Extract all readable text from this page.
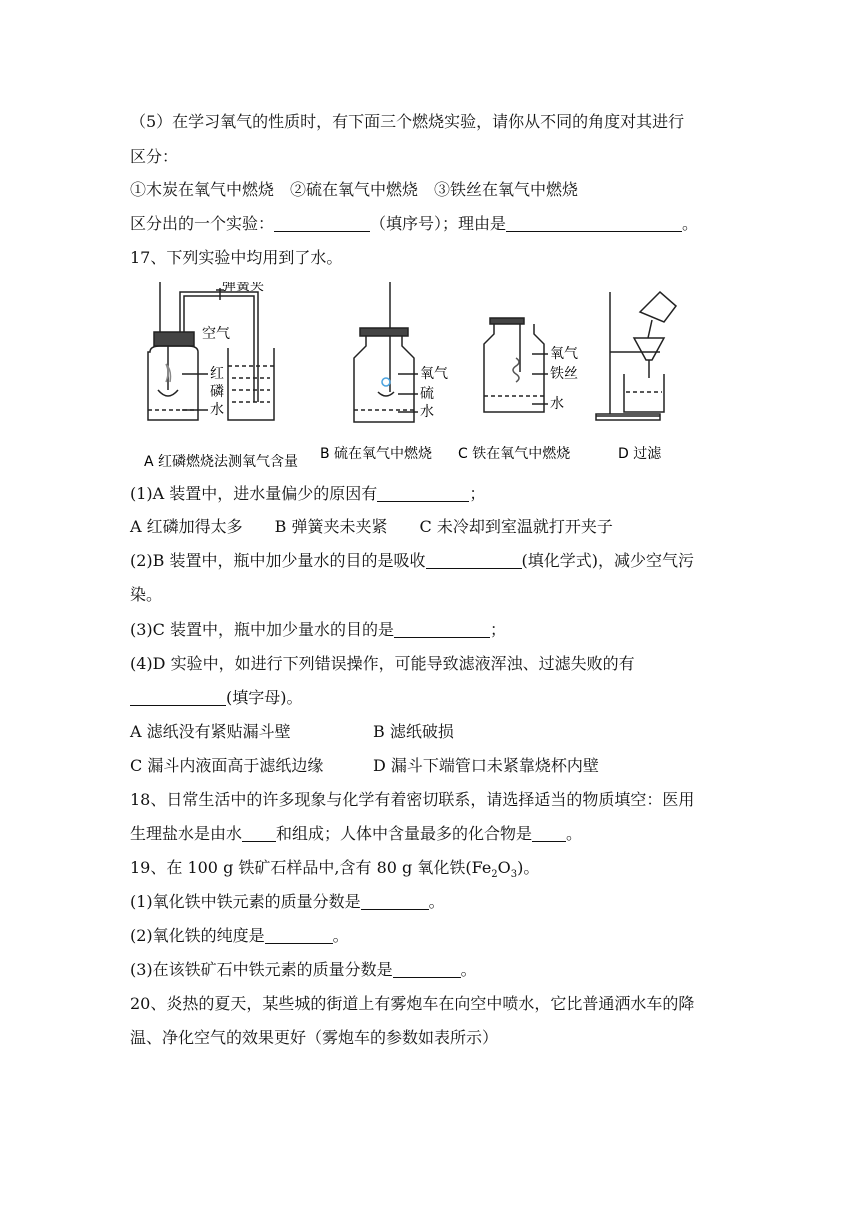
（5）在学习氧气的性质时，有下面三个燃烧实验，请你从不同的角度对其进行
区分：
①木炭在氧气中燃烧　②硫在氧气中燃烧　③铁丝在氧气中燃烧
区分出的一个实验：	（填序号）；理由是	。
17、下列实验中均用到了水。
弹簧夹
空气
红
磷
水
氧气
硫
水
氧气
铁丝
水
A 红磷燃烧法测氧气含量 B 硫在氧气中燃烧 C 铁在氧气中燃烧	D 过滤
(1)A 装置中，进水量偏少的原因有	；
A 红磷加得太多　　B 弹簧夹未夹紧　　C 未冷却到室温就打开夹子
(2)B 装置中，瓶中加少量水的目的是吸收	(填化学式)，减少空气污
染。
(3)C 装置中，瓶中加少量水的目的是	；
(4)D 实验中，如进行下列错误操作，可能导致滤液浑浊、过滤失败的有
(填字母)。
A 滤纸没有紧贴漏斗壁	B 滤纸破损
C 漏斗内液面高于滤纸边缘	D 漏斗下端管口未紧靠烧杯内壁
18、日常生活中的许多现象与化学有着密切联系，请选择适当的物质填空：医用
生理盐水是由水 和组成；人体中含量最多的化合物是 。
19、在 100 g 铁矿石样品中,含有 80 g 氧化铁$(Fe_2O_3)$。
(1)氧化铁中铁元素的质量分数是	。
(2)氧化铁的纯度是	。
(3)在该铁矿石中铁元素的质量分数是	。
20、炎热的夏天，某些城的街道上有雾炮车在向空中喷水，它比普通洒水车的降
温、净化空气的效果更好（雾炮车的参数如表所示）
